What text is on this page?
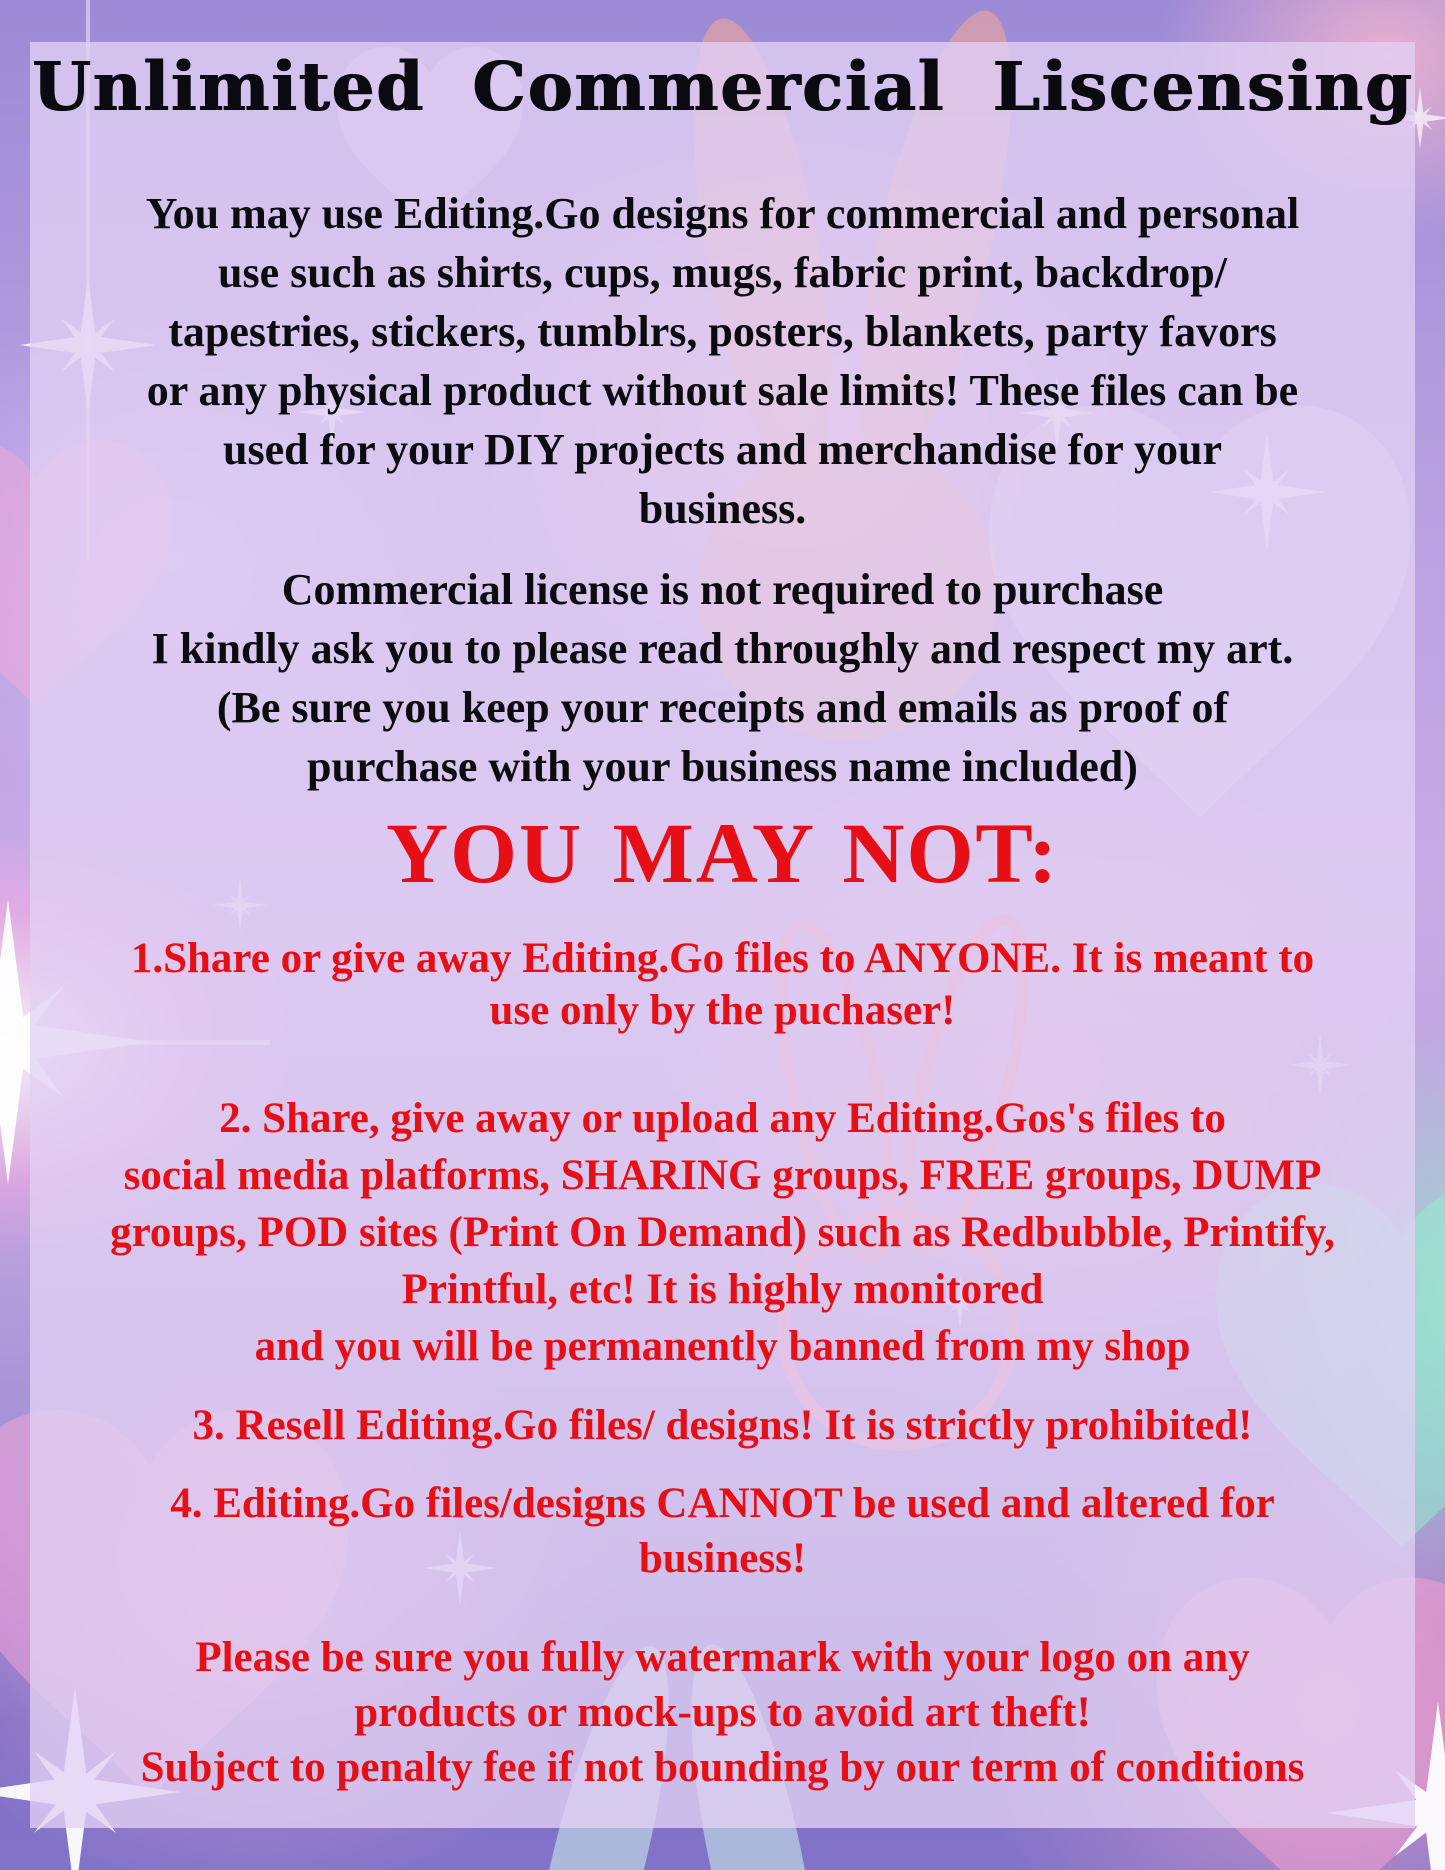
Unlimited Commercial Liscensing
You may use Editing.Go designs for commercial and personal
use such as shirts, cups, mugs, fabric print, backdrop/
tapestries, stickers, tumblrs, posters, blankets, party favors
or any physical product without sale limits! These files can be
used for your DIY projects and merchandise for your
business.
Commercial license is not required to purchase
I kindly ask you to please read throughly and respect my art.
(Be sure you keep your receipts and emails as proof of
purchase with your business name included)
YOU MAY NOT:
1.Share or give away Editing.Go files to ANYONE. It is meant to
use only by the puchaser!
2. Share, give away or upload any Editing.Gos's files to
social media platforms, SHARING groups, FREE groups, DUMP
groups, POD sites (Print On Demand) such as Redbubble, Printify,
Printful, etc! It is highly monitored
and you will be permanently banned from my shop
3. Resell Editing.Go files/ designs! It is strictly prohibited!
4. Editing.Go files/designs CANNOT be used and altered for
business!
Please be sure you fully watermark with your logo on any
products or mock-ups to avoid art theft!
Subject to penalty fee if not bounding by our term of conditions
